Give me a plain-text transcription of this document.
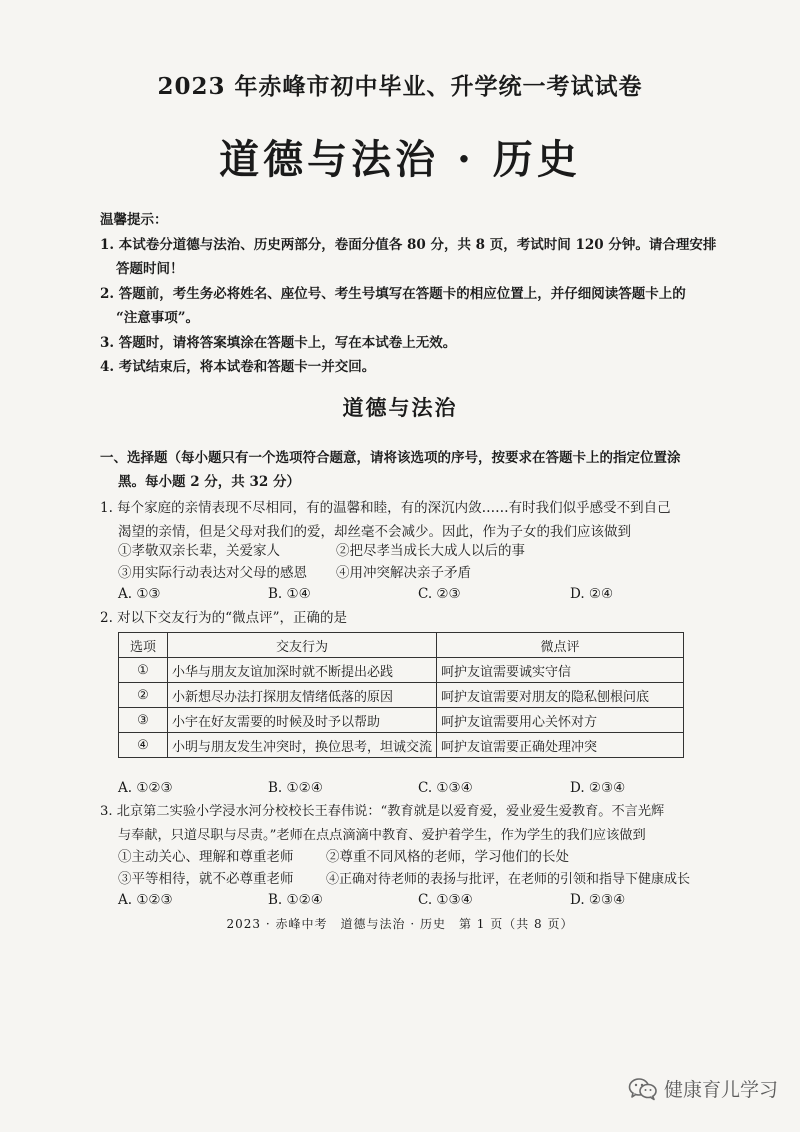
2023 年赤峰市初中毕业、升学统一考试试卷
道德与法治 · 历史
温馨提示：
1. 本试卷分道德与法治、历史两部分，卷面分值各 80 分，共 8 页，考试时间 120 分钟。请合理安排
答题时间！
2. 答题前，考生务必将姓名、座位号、考生号填写在答题卡的相应位置上，并仔细阅读答题卡上的
“注意事项”。
3. 答题时，请将答案填涂在答题卡上，写在本试卷上无效。
4. 考试结束后，将本试卷和答题卡一并交回。
道德与法治
一、选择题（每小题只有一个选项符合题意，请将该选项的序号，按要求在答题卡上的指定位置涂
黑。每小题 2 分，共 32 分）
1. 每个家庭的亲情表现不尽相同，有的温馨和睦，有的深沉内敛……有时我们似乎感受不到自己
渴望的亲情，但是父母对我们的爱，却丝毫不会减少。因此，作为子女的我们应该做到
①孝敬双亲长辈，关爱家人	②把尽孝当成长大成人以后的事
③用实际行动表达对父母的感恩 ④用冲突解决亲子矛盾
A. ①③	B. ①④	C. ②③	D. ②④
2. 对以下交友行为的“微点评”，正确的是
选项	交友行为	微点评
①	小华与朋友友谊加深时就不断提出必践	呵护友谊需要诚实守信
②	小新想尽办法打探朋友情绪低落的原因	呵护友谊需要对朋友的隐私刨根问底
③	小宇在好友需要的时候及时予以帮助	呵护友谊需要用心关怀对方
④	小明与朋友发生冲突时，换位思考，坦诚交流	呵护友谊需要正确处理冲突
A. ①②③	B. ①②④	C. ①③④	D. ②③④
3. 北京第二实验小学浸水河分校校长王春伟说：“教育就是以爱育爱，爱业爱生爱教育。不言光辉
与奉献，只道尽职与尽责。”老师在点点滴滴中教育、爱护着学生，作为学生的我们应该做到
①主动关心、理解和尊重老师 ②尊重不同风格的老师，学习他们的长处
③平等相待，就不必尊重老师	④正确对待老师的表扬与批评，在老师的引领和指导下健康成长
A. ①②③	B. ①②④	C. ①③④	D. ②③④
2023 · 赤峰中考　道德与法治 · 历史　第 1 页（共 8 页）
健康育儿学习
